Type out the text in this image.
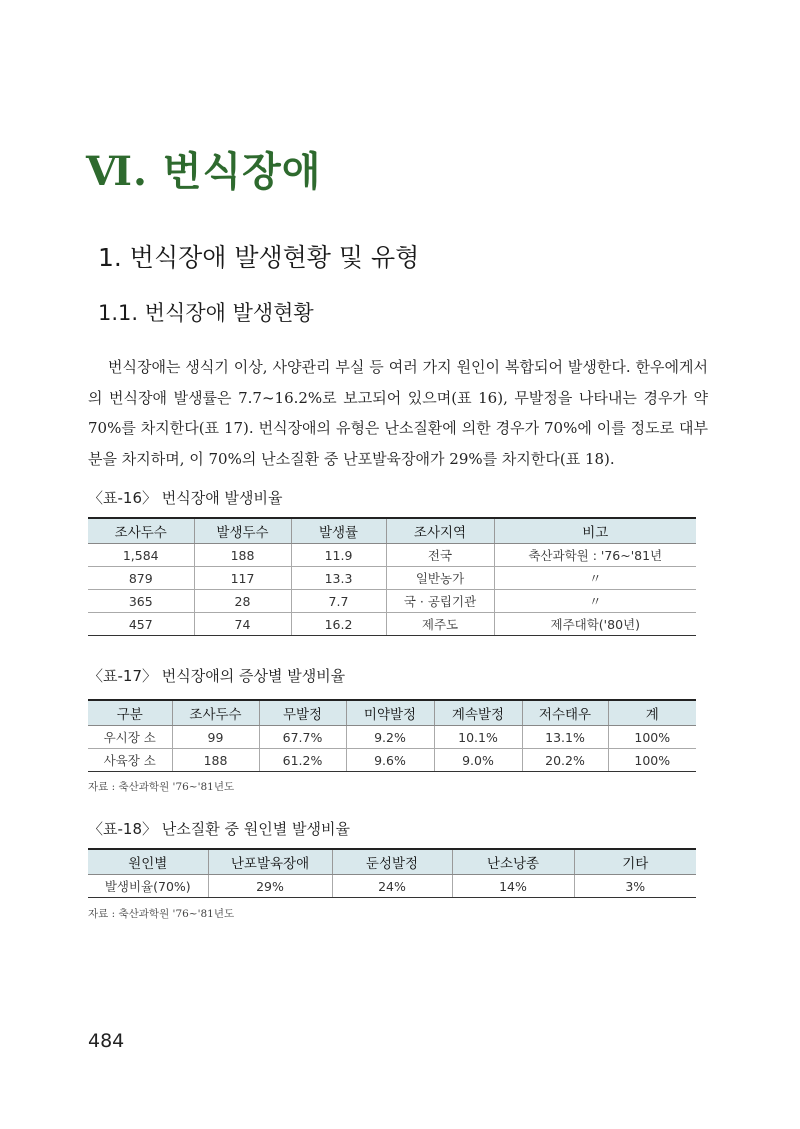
Ⅵ. 번식장애
1. 번식장애 발생현황 및 유형
1.1. 번식장애 발생현황

번식장애는 생식기 이상, 사양관리 부실 등 여러 가지 원인이 복합되어 발생한다. 한우에게서의 번식장애 발생률은 7.7~16.2%로 보고되어 있으며(표 16), 무발정을 나타내는 경우가 약 70%를 차지한다(표 17). 번식장애의 유형은 난소질환에 의한 경우가 70%에 이를 정도로 대부분을 차지하며, 이 70%의 난소질환 중 난포발육장애가 29%를 차지한다(표 18).

〈표-16〉 번식장애 발생비율
조사두수	발생두수	발생률	조사지역	비고
1,584	188	11.9	전국	축산과학원 : '76~'81년
879	117	13.3	일반농가	〃
365	28	7.7	국 · 공립기관	〃
457	74	16.2	제주도	제주대학('80년)
〈표-17〉 번식장애의 증상별 발생비율
구분	조사두수	무발정	미약발정	계속발정	저수태우	계
우시장 소	99	67.7%	9.2%	10.1%	13.1%	100%
사육장 소	188	61.2%	9.6%	9.0%	20.2%	100%
자료 : 축산과학원 '76~'81년도
〈표-18〉 난소질환 중 원인별 발생비율
원인별	난포발육장애	둔성발정	난소낭종	기타
발생비율(70%)	29%	24%	14%	3%
자료 : 축산과학원 '76~'81년도
484
